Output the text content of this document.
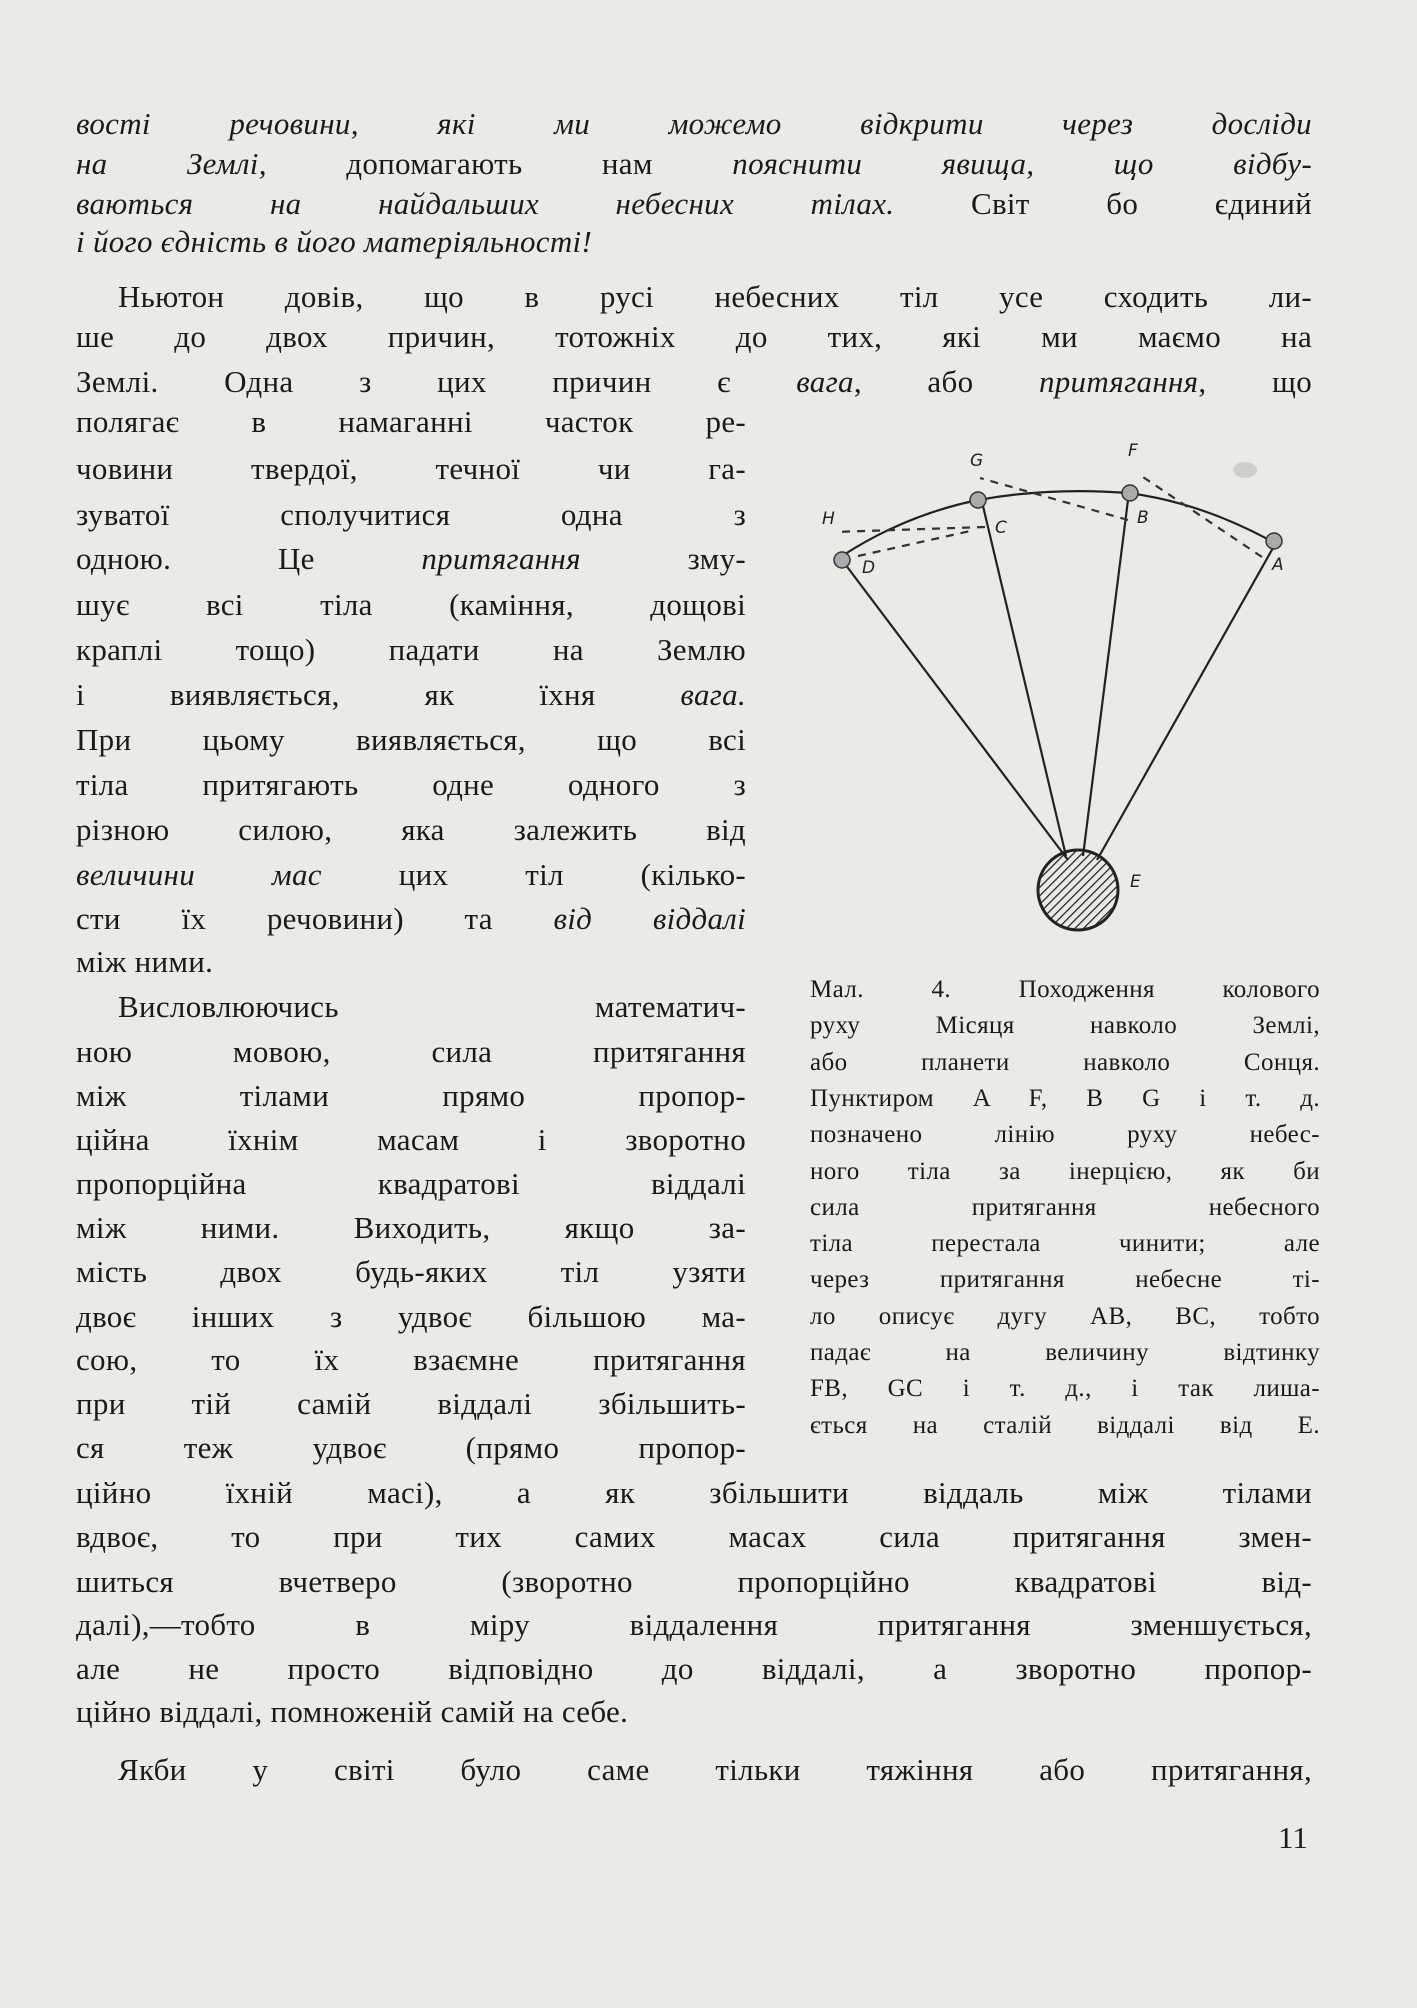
вості речовини, які ми можемо відкрити через досліди
на Землі, допомагають нам пояснити явища, що відбу-
ваються на найдальших небесних тілах. Світ бо єдиний
і його єдність в його матеріяльності!
Ньютон довів, що в русі небесних тіл усе сходить ли-
ше до двох причин, тотожніх до тих, які ми маємо на
Землі. Одна з цих причин є вага, або притягання, що
полягає в намаганні часток ре-
човини твердої, течної чи га-
зуватої сполучитися одна з
одною. Це притягання зму-
шує всі тіла (каміння, дощові
краплі тощо) падати на Землю
і виявляється, як їхня вага.
При цьому виявляється, що всі
тіла притягають одне одного з
різною силою, яка залежить від
величини мас цих тіл (кілько-
сти їх речовини) та від віддалі
між ними.
Висловлюючись математич-
ною мовою, сила притягання
між тілами прямо пропор-
ційна їхнім масам і зворотно
пропорційна квадратові віддалі
між ними. Виходить, якщо за-
мість двох будь-яких тіл узяти
двоє інших з удвоє більшою ма-
сою, то їх взаємне притягання
при тій самій віддалі збільшить-
ся теж удвоє (прямо пропор-
ційно їхній масі), а як збільшити віддаль між тілами
вдвоє, то при тих самих масах сила притягання змен-
шиться вчетверо (зворотно пропорційно квадратові від-
далі),—тобто в міру віддалення притягання зменшується,
але не просто відповідно до віддалі, а зворотно пропор-
ційно віддалі, помноженій самій на себе.
Якби у світі було саме тільки тяжіння або притягання,
Мал. 4. Походження колового
руху Місяця навколо Землі,
або планети навколо Сонця.
Пунктиром A F, B G і т. д.
позначено лінію руху небес-
ного тіла за інерцією, як би
сила притягання небесного
тіла перестала чинити; але
через притягання небесне ті-
ло описує дугу AB, BC, тобто
падає на величину відтинку
FB, GC і т. д., і так лиша-
ється на сталій віддалі від E.
H
G	F
C	B
A
D
E
11
